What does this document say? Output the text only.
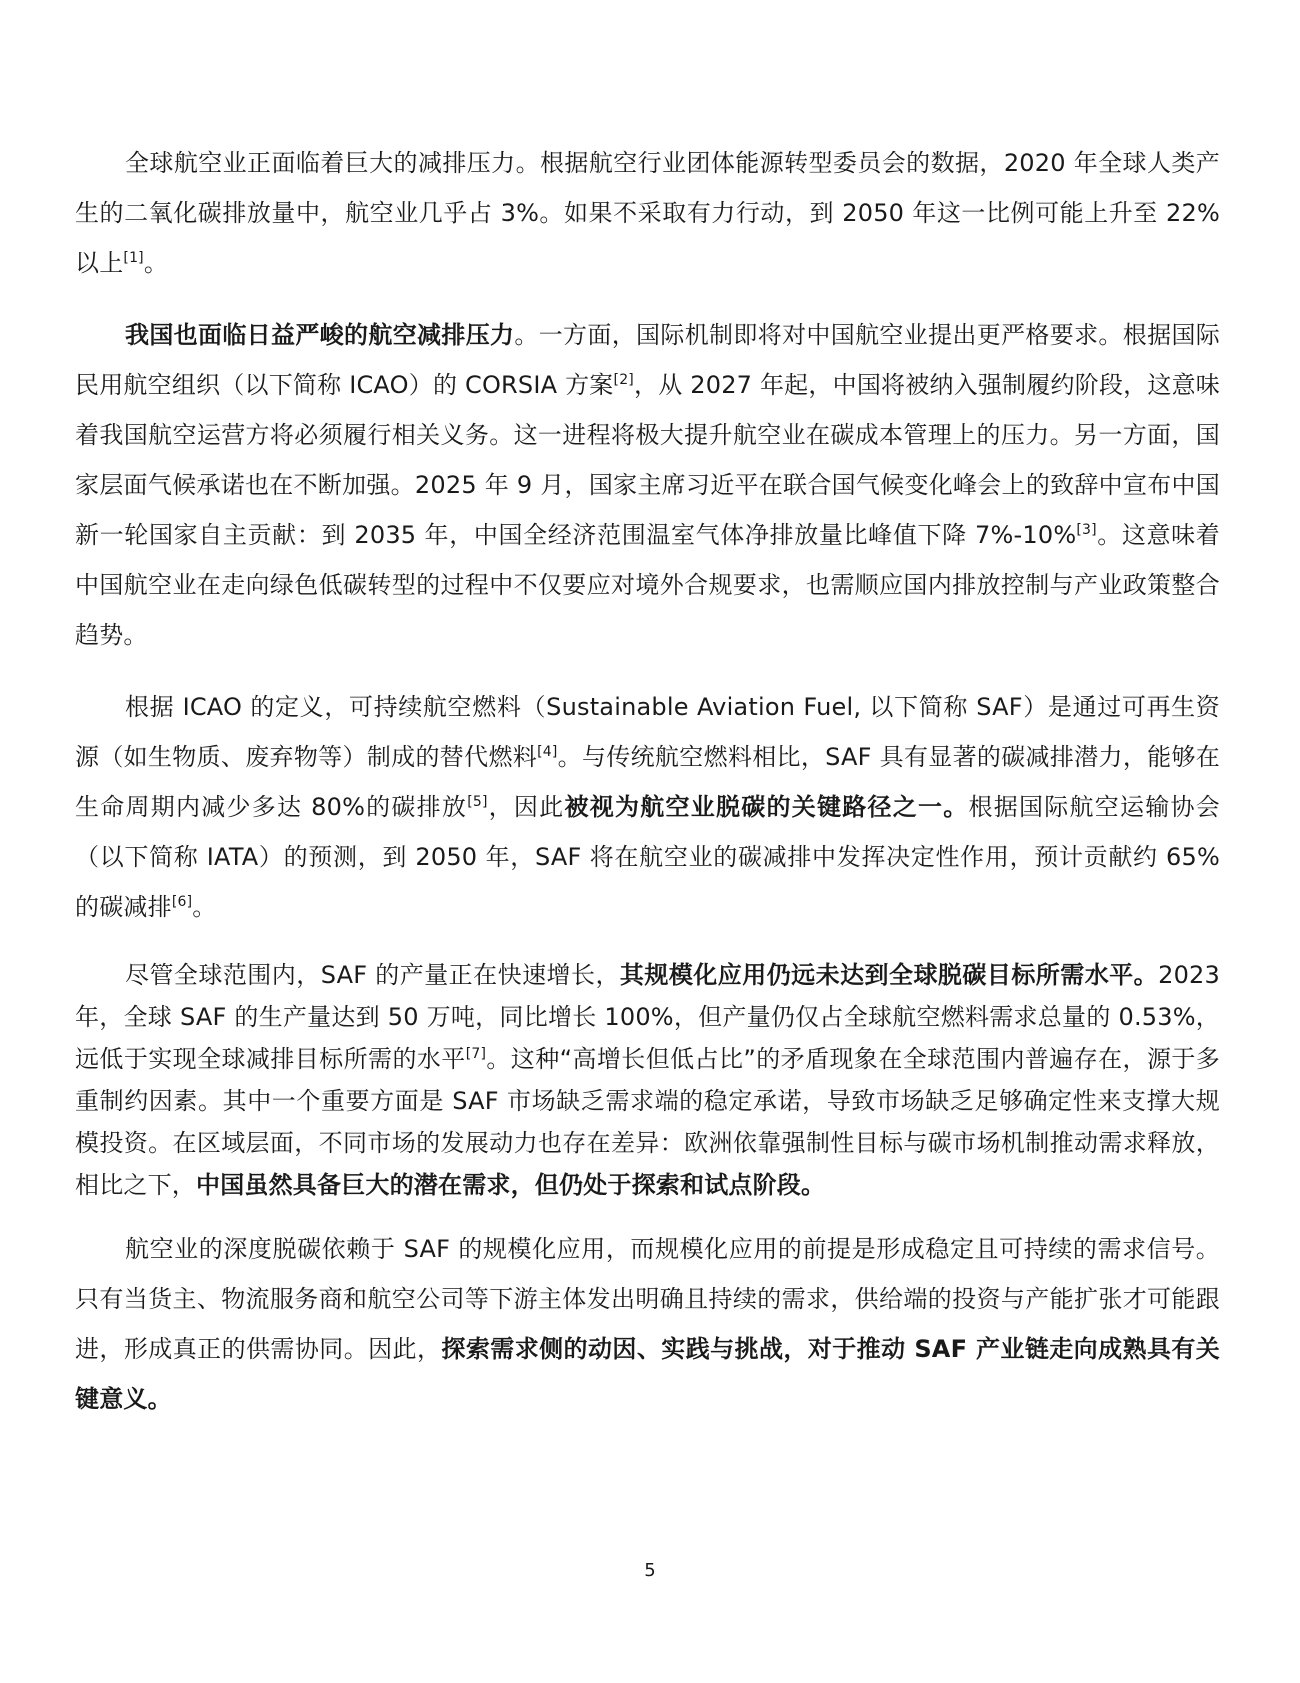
全球航空业正面临着巨大的减排压力。根据航空行业团体能源转型委员会的数据，2020 年全球人类产生的二氧化碳排放量中，航空业几乎占 3%。如果不采取有力行动，到 2050 年这一比例可能上升至 22%以上[1]。

我国也面临日益严峻的航空减排压力。一方面，国际机制即将对中国航空业提出更严格要求。根据国际民用航空组织（以下简称 ICAO）的 CORSIA 方案[2]，从 2027 年起，中国将被纳入强制履约阶段，这意味着我国航空运营方将必须履行相关义务。这一进程将极大提升航空业在碳成本管理上的压力。另一方面，国家层面气候承诺也在不断加强。2025 年 9 月，国家主席习近平在联合国气候变化峰会上的致辞中宣布中国新一轮国家自主贡献：到 2035 年，中国全经济范围温室气体净排放量比峰值下降 7%-10%[3]。这意味着中国航空业在走向绿色低碳转型的过程中不仅要应对境外合规要求，也需顺应国内排放控制与产业政策整合趋势。

根据 ICAO 的定义，可持续航空燃料（Sustainable Aviation Fuel, 以下简称 SAF）是通过可再生资源（如生物质、废弃物等）制成的替代燃料[4]。与传统航空燃料相比，SAF 具有显著的碳减排潜力，能够在生命周期内减少多达 80%的碳排放[5]，因此被视为航空业脱碳的关键路径之一。根据国际航空运输协会（以下简称 IATA）的预测，到 2050 年，SAF 将在航空业的碳减排中发挥决定性作用，预计贡献约 65%的碳减排[6]。

尽管全球范围内，SAF 的产量正在快速增长，其规模化应用仍远未达到全球脱碳目标所需水平。2023 年，全球 SAF 的生产量达到 50 万吨，同比增长 100%，但产量仍仅占全球航空燃料需求总量的 0.53%，远低于实现全球减排目标所需的水平[7]。这种“高增长但低占比”的矛盾现象在全球范围内普遍存在，源于多重制约因素。其中一个重要方面是 SAF 市场缺乏需求端的稳定承诺，导致市场缺乏足够确定性来支撑大规模投资。在区域层面，不同市场的发展动力也存在差异：欧洲依靠强制性目标与碳市场机制推动需求释放，相比之下，中国虽然具备巨大的潜在需求，但仍处于探索和试点阶段。

航空业的深度脱碳依赖于 SAF 的规模化应用，而规模化应用的前提是形成稳定且可持续的需求信号。只有当货主、物流服务商和航空公司等下游主体发出明确且持续的需求，供给端的投资与产能扩张才可能跟进，形成真正的供需协同。因此，探索需求侧的动因、实践与挑战，对于推动 SAF 产业链走向成熟具有关键意义。

5
